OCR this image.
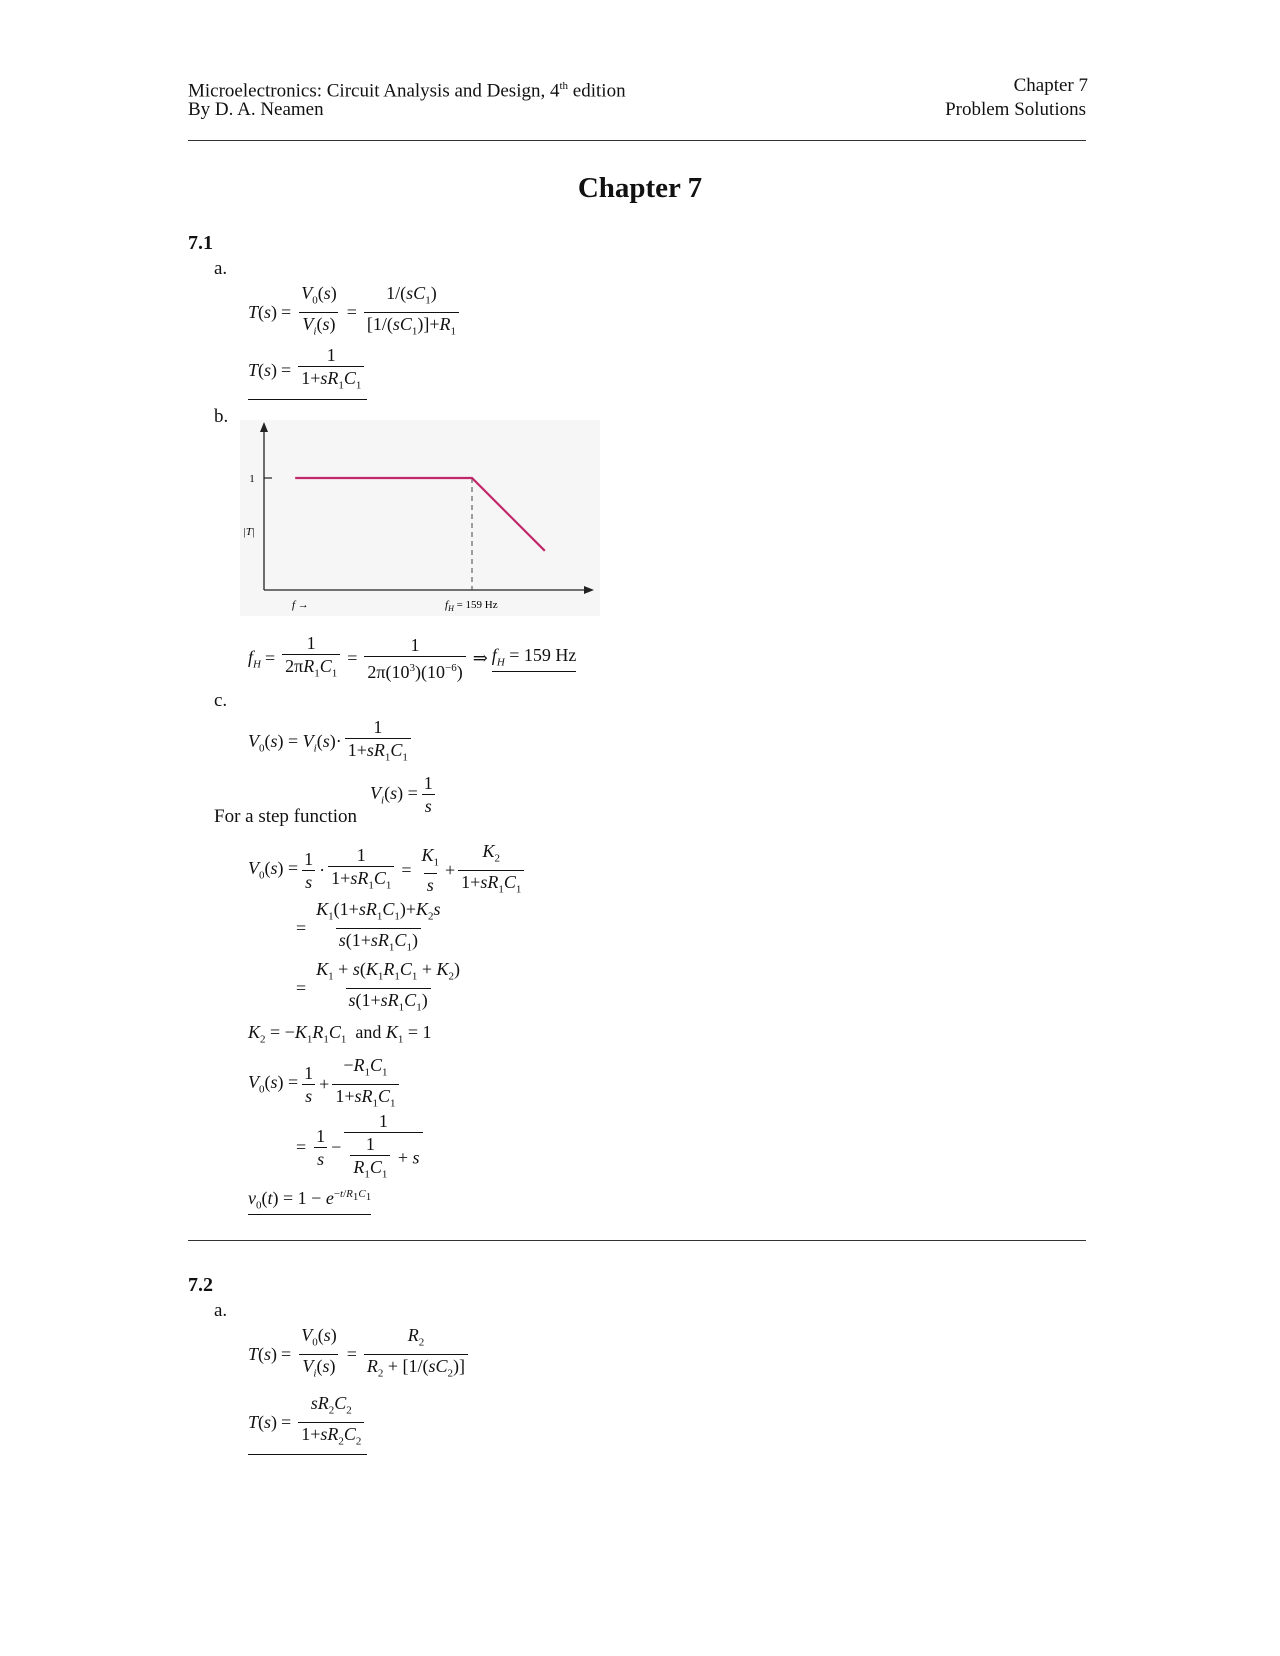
Microelectronics: Circuit Analysis and Design, 4th edition
By D. A. Neamen
Chapter 7
Problem Solutions
Chapter 7
7.1
a.
$T(s) = \frac{V_0(s)}{V_i(s)} = \frac{1/(sC_1)}{[1/(sC_1)]+R_1}$
$T(s) = \frac{1}{1+sR_1C_1}$
b.
1
|T|
f →	$f_H = 159$ Hz
$f_H = \frac{1}{2\pi R_1C_1} = \frac{1}{2\pi(10^3)(10^{-6})}$ ⇒ $f_H = 159$ Hz
c.
$V_0(s) = V_i(s)\cdot \frac{1}{1+sR_1C_1}$
$V_i(s) = \frac{1}{s}$
For a step function
$V_0(s) = \frac{1}{s} \cdot \frac{1}{1+sR_1C_1} = \frac{K_1}{s} + \frac{K_2}{1+sR_1C_1}$
= $\frac{K_1(1+sR_1C_1)+K_2s}{s(1+sR_1C_1)}$
= $\frac{K_1 + s(K_1R_1C_1 + K_2)}{s(1+sR_1C_1)}$
$K_2 = -K_1R_1C_1$ and $K_1 = 1$
$V_0(s) = \frac{1}{s} + \frac{-R_1C_1}{1+sR_1C_1}$
= $\frac{1}{s} - \frac{1}{\frac{1}{R_1C_1} + s}$
$v_0(t) = 1 - e^{-t/R_1C_1}$
7.2
a.
$T(s) = \frac{V_0(s)}{V_i(s)} = \frac{R_2}{R_2 + [1/(sC_2)]}$
$T(s) = \frac{sR_2C_2}{1+sR_2C_2}$
